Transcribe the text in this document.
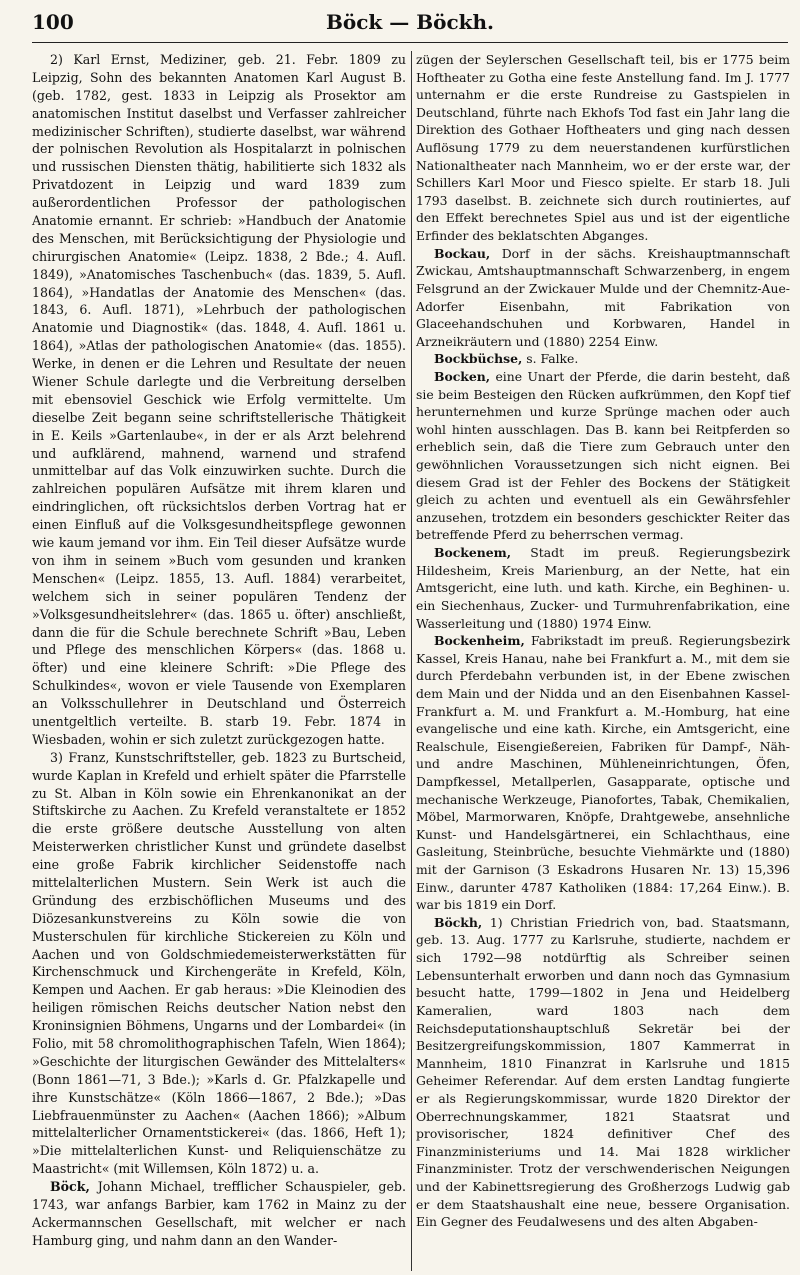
100	Böck — Böckh.

2) Karl Ernst, Mediziner, geb. 21. Febr. 1809 zu Leipzig, Sohn des bekannten Anatomen Karl August B. (geb. 1782, gest. 1833 in Leipzig als Prosektor am anatomischen Institut daselbst und Verfasser zahlreicher medizinischer Schriften), studierte daselbst, war während der polnischen Revolution als Hospitalarzt in polnischen und russischen Diensten thätig, habilitierte sich 1832 als Privatdozent in Leipzig und ward 1839 zum außerordentlichen Professor der pathologischen Anatomie ernannt. Er schrieb: »Handbuch der Anatomie des Menschen, mit Berücksichtigung der Physiologie und chirurgischen Anatomie« (Leipz. 1838, 2 Bde.; 4. Aufl. 1849), »Anatomisches Taschenbuch« (das. 1839, 5. Aufl. 1864), »Handatlas der Anatomie des Menschen« (das. 1843, 6. Aufl. 1871), »Lehrbuch der pathologischen Anatomie und Diagnostik« (das. 1848, 4. Aufl. 1861 u. 1864), »Atlas der pathologischen Anatomie« (das. 1855). Werke, in denen er die Lehren und Resultate der neuen Wiener Schule darlegte und die Verbreitung derselben mit ebensoviel Geschick wie Erfolg vermittelte. Um dieselbe Zeit begann seine schriftstellerische Thätigkeit in E. Keils »Gartenlaube«, in der er als Arzt belehrend und aufklärend, mahnend, warnend und strafend unmittelbar auf das Volk einzuwirken suchte. Durch die zahlreichen populären Aufsätze mit ihrem klaren und eindringlichen, oft rücksichtslos derben Vortrag hat er einen Einfluß auf die Volksgesundheitspflege gewonnen wie kaum jemand vor ihm. Ein Teil dieser Aufsätze wurde von ihm in seinem »Buch vom gesunden und kranken Menschen« (Leipz. 1855, 13. Aufl. 1884) verarbeitet, welchem sich in seiner populären Tendenz der »Volksgesundheitslehrer« (das. 1865 u. öfter) anschließt, dann die für die Schule berechnete Schrift »Bau, Leben und Pflege des menschlichen Körpers« (das. 1868 u. öfter) und eine kleinere Schrift: »Die Pflege des Schulkindes«, wovon er viele Tausende von Exemplaren an Volksschullehrer in Deutschland und Österreich unentgeltlich verteilte. B. starb 19. Febr. 1874 in Wiesbaden, wohin er sich zuletzt zurückgezogen hatte.

3) Franz, Kunstschriftsteller, geb. 1823 zu Burtscheid, wurde Kaplan in Krefeld und erhielt später die Pfarrstelle zu St. Alban in Köln sowie ein Ehrenkanonikat an der Stiftskirche zu Aachen. Zu Krefeld veranstaltete er 1852 die erste größere deutsche Ausstellung von alten Meisterwerken christlicher Kunst und gründete daselbst eine große Fabrik kirchlicher Seidenstoffe nach mittelalterlichen Mustern. Sein Werk ist auch die Gründung des erzbischöflichen Museums und des Diözesankunstvereins zu Köln sowie die von Musterschulen für kirchliche Stickereien zu Köln und Aachen und von Goldschmiedemeisterwerkstätten für Kirchenschmuck und Kirchengeräte in Krefeld, Köln, Kempen und Aachen. Er gab heraus: »Die Kleinodien des heiligen römischen Reichs deutscher Nation nebst den Kroninsignien Böhmens, Ungarns und der Lombardei« (in Folio, mit 58 chromolithographischen Tafeln, Wien 1864); »Geschichte der liturgischen Gewänder des Mittelalters« (Bonn 1861—71, 3 Bde.); »Karls d. Gr. Pfalzkapelle und ihre Kunstschätze« (Köln 1866—1867, 2 Bde.); »Das Liebfrauenmünster zu Aachen« (Aachen 1866); »Album mittelalterlicher Ornamentstickerei« (das. 1866, Heft 1); »Die mittelalterlichen Kunst- und Reliquienschätze zu Maastricht« (mit Willemsen, Köln 1872) u. a.

Böck, Johann Michael, trefflicher Schauspieler, geb. 1743, war anfangs Barbier, kam 1762 in Mainz zu der Ackermannschen Gesellschaft, mit welcher er nach Hamburg ging, und nahm dann an den Wander-

zügen der Seylerschen Gesellschaft teil, bis er 1775 beim Hoftheater zu Gotha eine feste Anstellung fand. Im J. 1777 unternahm er die erste Rundreise zu Gastspielen in Deutschland, führte nach Ekhofs Tod fast ein Jahr lang die Direktion des Gothaer Hoftheaters und ging nach dessen Auflösung 1779 zu dem neuerstandenen kurfürstlichen Nationaltheater nach Mannheim, wo er der erste war, der Schillers Karl Moor und Fiesco spielte. Er starb 18. Juli 1793 daselbst. B. zeichnete sich durch routiniertes, auf den Effekt berechnetes Spiel aus und ist der eigentliche Erfinder des beklatschten Abganges.

Bockau, Dorf in der sächs. Kreishauptmannschaft Zwickau, Amtshauptmannschaft Schwarzenberg, in engem Felsgrund an der Zwickauer Mulde und der Chemnitz-Aue-Adorfer Eisenbahn, mit Fabrikation von Glaceehandschuhen und Korbwaren, Handel in Arzneikräutern und (1880) 2254 Einw.

Bockbüchse, s. Falke.

Bocken, eine Unart der Pferde, die darin besteht, daß sie beim Besteigen den Rücken aufkrümmen, den Kopf tief herunternehmen und kurze Sprünge machen oder auch wohl hinten ausschlagen. Das B. kann bei Reitpferden so erheblich sein, daß die Tiere zum Gebrauch unter den gewöhnlichen Voraussetzungen sich nicht eignen. Bei diesem Grad ist der Fehler des Bockens der Stätigkeit gleich zu achten und eventuell als ein Gewährsfehler anzusehen, trotzdem ein besonders geschickter Reiter das betreffende Pferd zu beherrschen vermag.

Bockenem, Stadt im preuß. Regierungsbezirk Hildesheim, Kreis Marienburg, an der Nette, hat ein Amtsgericht, eine luth. und kath. Kirche, ein Beghinen- u. ein Siechenhaus, Zucker- und Turmuhrenfabrikation, eine Wasserleitung und (1880) 1974 Einw.

Bockenheim, Fabrikstadt im preuß. Regierungsbezirk Kassel, Kreis Hanau, nahe bei Frankfurt a. M., mit dem sie durch Pferdebahn verbunden ist, in der Ebene zwischen dem Main und der Nidda und an den Eisenbahnen Kassel-Frankfurt a. M. und Frankfurt a. M.-Homburg, hat eine evangelische und eine kath. Kirche, ein Amtsgericht, eine Realschule, Eisengießereien, Fabriken für Dampf-, Näh- und andre Maschinen, Mühleneinrichtungen, Öfen, Dampfkessel, Metallperlen, Gasapparate, optische und mechanische Werkzeuge, Pianofortes, Tabak, Chemikalien, Möbel, Marmorwaren, Knöpfe, Drahtgewebe, ansehnliche Kunst- und Handelsgärtnerei, ein Schlachthaus, eine Gasleitung, Steinbrüche, besuchte Viehmärkte und (1880) mit der Garnison (3 Eskadrons Husaren Nr. 13) 15,396 Einw., darunter 4787 Katholiken (1884: 17,264 Einw.). B. war bis 1819 ein Dorf.

Böckh, 1) Christian Friedrich von, bad. Staatsmann, geb. 13. Aug. 1777 zu Karlsruhe, studierte, nachdem er sich 1792—98 notdürftig als Schreiber seinen Lebensunterhalt erworben und dann noch das Gymnasium besucht hatte, 1799—1802 in Jena und Heidelberg Kameralien, ward 1803 nach dem Reichsdeputationshauptschluß Sekretär bei der Besitzergreifungskommission, 1807 Kammerrat in Mannheim, 1810 Finanzrat in Karlsruhe und 1815 Geheimer Referendar. Auf dem ersten Landtag fungierte er als Regierungskommissar, wurde 1820 Direktor der Oberrechnungskammer, 1821 Staatsrat und provisorischer, 1824 definitiver Chef des Finanzministeriums und 14. Mai 1828 wirklicher Finanzminister. Trotz der verschwenderischen Neigungen und der Kabinettsregierung des Großherzogs Ludwig gab er dem Staatshaushalt eine neue, bessere Organisation. Ein Gegner des Feudalwesens und des alten Abgaben-
